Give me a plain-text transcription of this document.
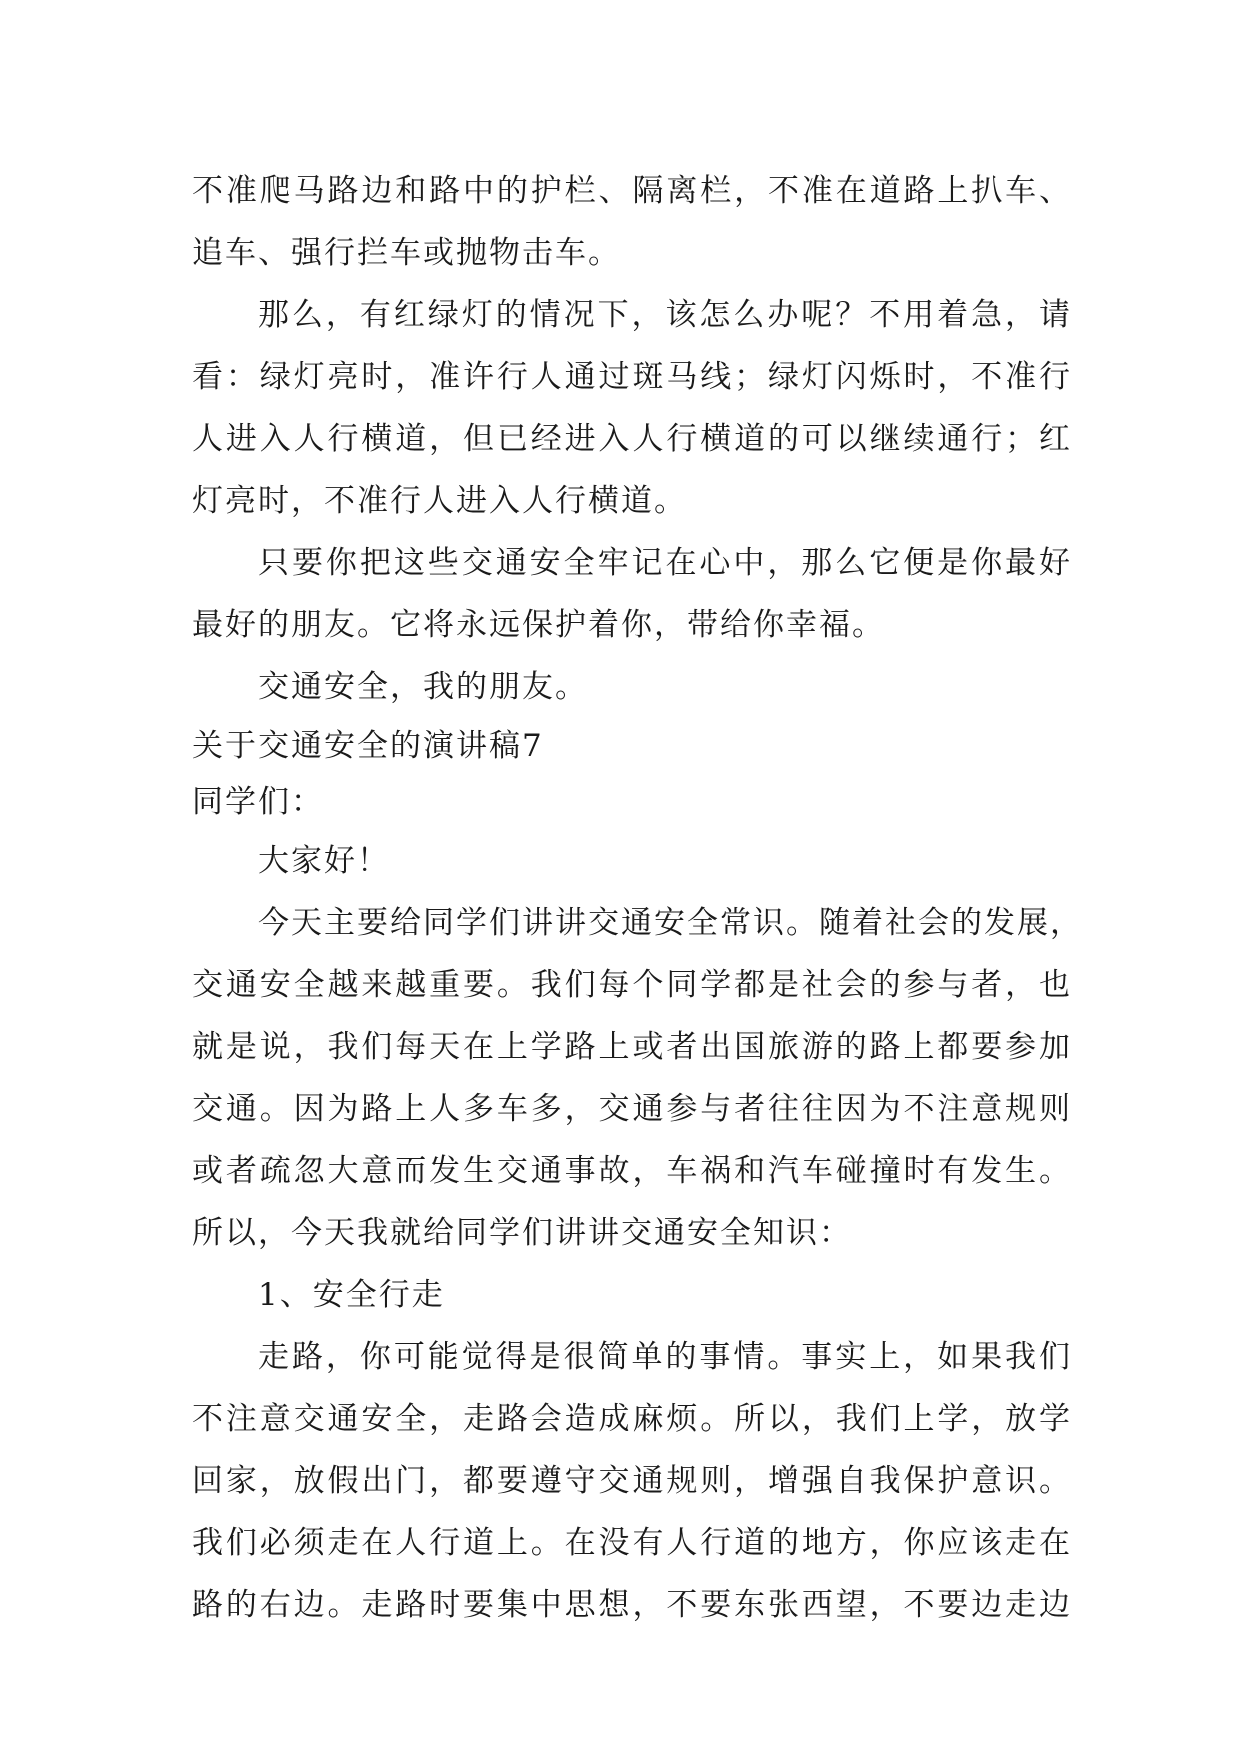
不准爬马路边和路中的护栏、隔离栏，不准在道路上扒车、
追车、强行拦车或抛物击车。
那么，有红绿灯的情况下，该怎么办呢？不用着急，请
看：绿灯亮时，准许行人通过斑马线；绿灯闪烁时，不准行
人进入人行横道，但已经进入人行横道的可以继续通行；红
灯亮时，不准行人进入人行横道。
只要你把这些交通安全牢记在心中，那么它便是你最好
最好的朋友。它将永远保护着你，带给你幸福。
交通安全，我的朋友。
关于交通安全的演讲稿7
同学们：
大家好！
今天主要给同学们讲讲交通安全常识。随着社会的发展，
交通安全越来越重要。我们每个同学都是社会的参与者，也
就是说，我们每天在上学路上或者出国旅游的路上都要参加
交通。因为路上人多车多，交通参与者往往因为不注意规则
或者疏忽大意而发生交通事故，车祸和汽车碰撞时有发生。
所以，今天我就给同学们讲讲交通安全知识：
1、安全行走
走路，你可能觉得是很简单的事情。事实上，如果我们
不注意交通安全，走路会造成麻烦。所以，我们上学，放学
回家，放假出门，都要遵守交通规则，增强自我保护意识。
我们必须走在人行道上。在没有人行道的地方，你应该走在
路的右边。走路时要集中思想，不要东张西望，不要边走边
